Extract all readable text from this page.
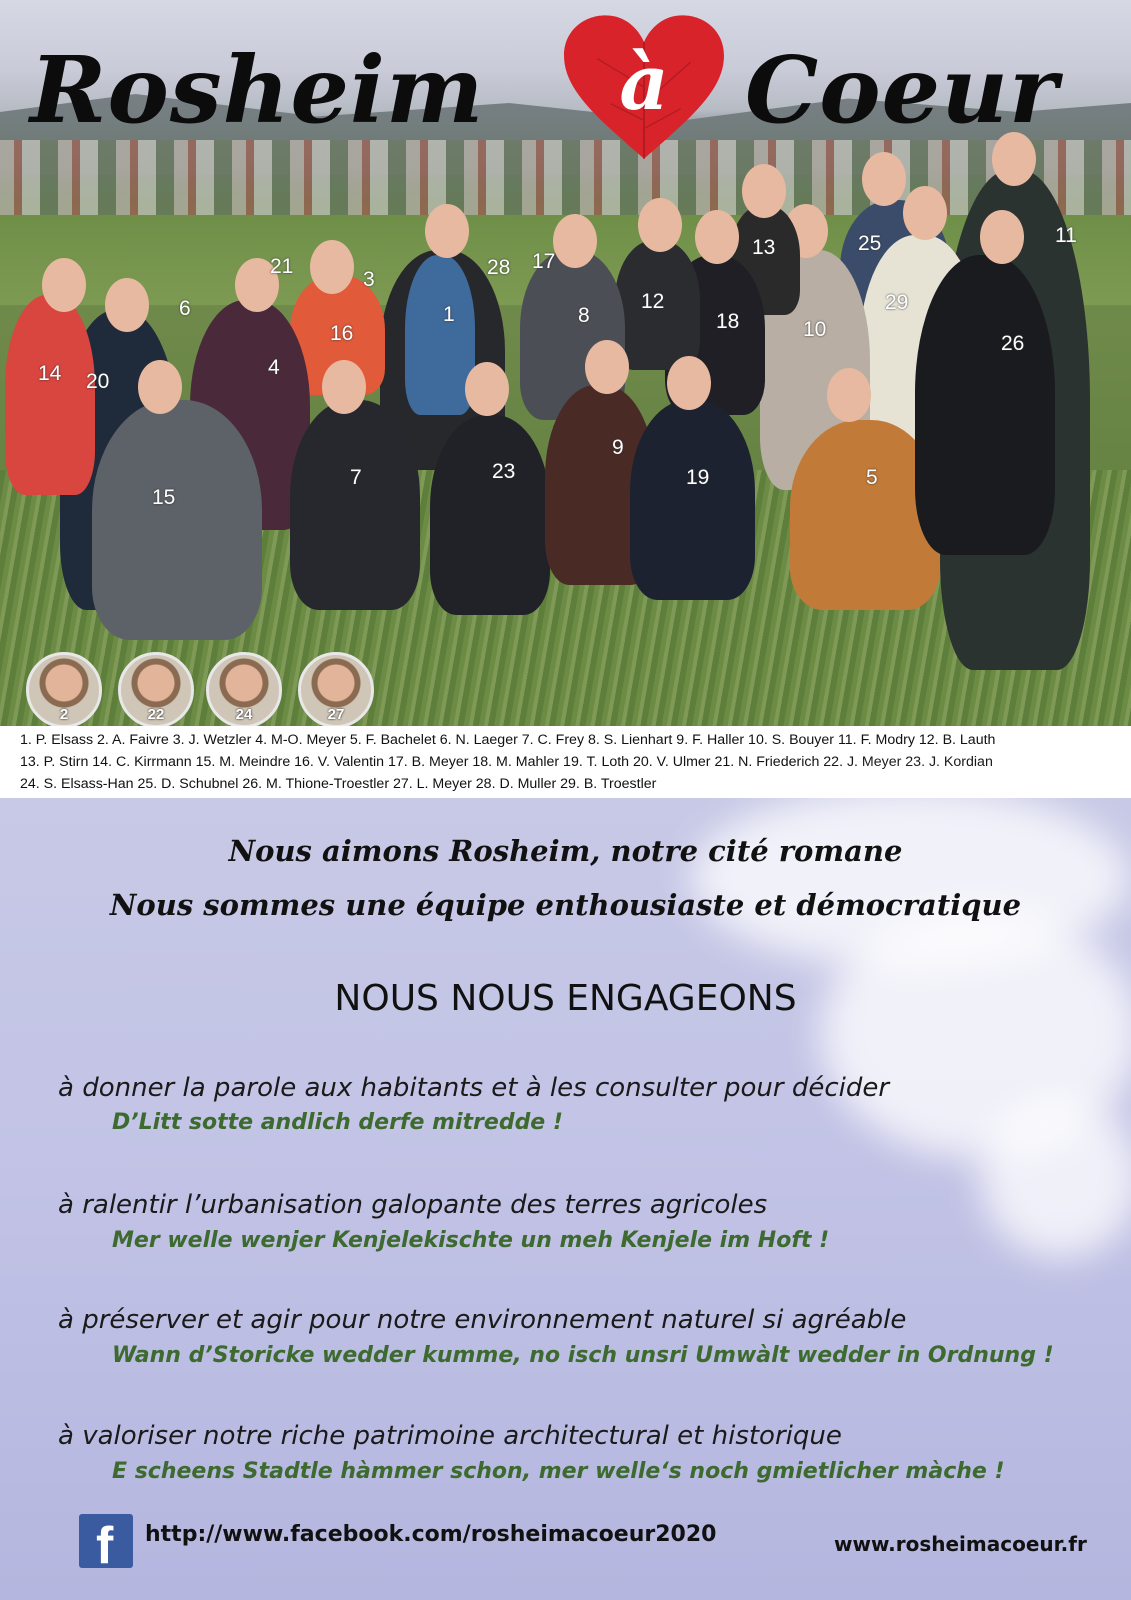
1
3
4
5
6
7
8
9
10
11
12
13
14
15
16
17
18
19
20
21
23
25
26
28
29
Rosheim	à Coeur
2	22	24	27

1. P. Elsass 2. A. Faivre 3. J. Wetzler 4. M-O. Meyer 5. F. Bachelet 6. N. Laeger 7. C. Frey 8. S. Lienhart 9. F. Haller 10. S. Bouyer 11. F. Modry 12. B. Lauth

13. P. Stirn 14. C. Kirrmann 15. M. Meindre 16. V. Valentin 17. B. Meyer 18. M. Mahler 19. T. Loth 20. V. Ulmer 21. N. Friederich 22. J. Meyer 23. J. Kordian

24. S. Elsass-Han 25. D. Schubnel 26. M. Thione-Troestler 27. L. Meyer 28. D. Muller 29. B. Troestler

Nous aimons Rosheim, notre cité romane
Nous sommes une équipe enthousiaste et démocratique
NOUS NOUS ENGAGEONS
à donner la parole aux habitants et à les consulter pour décider
D’Litt sotte andlich derfe mitredde !
à ralentir l’urbanisation galopante des terres agricoles
Mer welle wenjer Kenjelekischte un meh Kenjele im Hoft !
à préserver et agir pour notre environnement naturel si agréable
Wann d’Storicke wedder kumme, no isch unsri Umwàlt wedder in Ordnung !
à valoriser notre riche patrimoine architectural et historique
E scheens Stadtle hàmmer schon, mer welle‘s noch gmietlicher màche !
f http://www.facebook.com/rosheimacoeur2020	www.rosheimacoeur.fr
